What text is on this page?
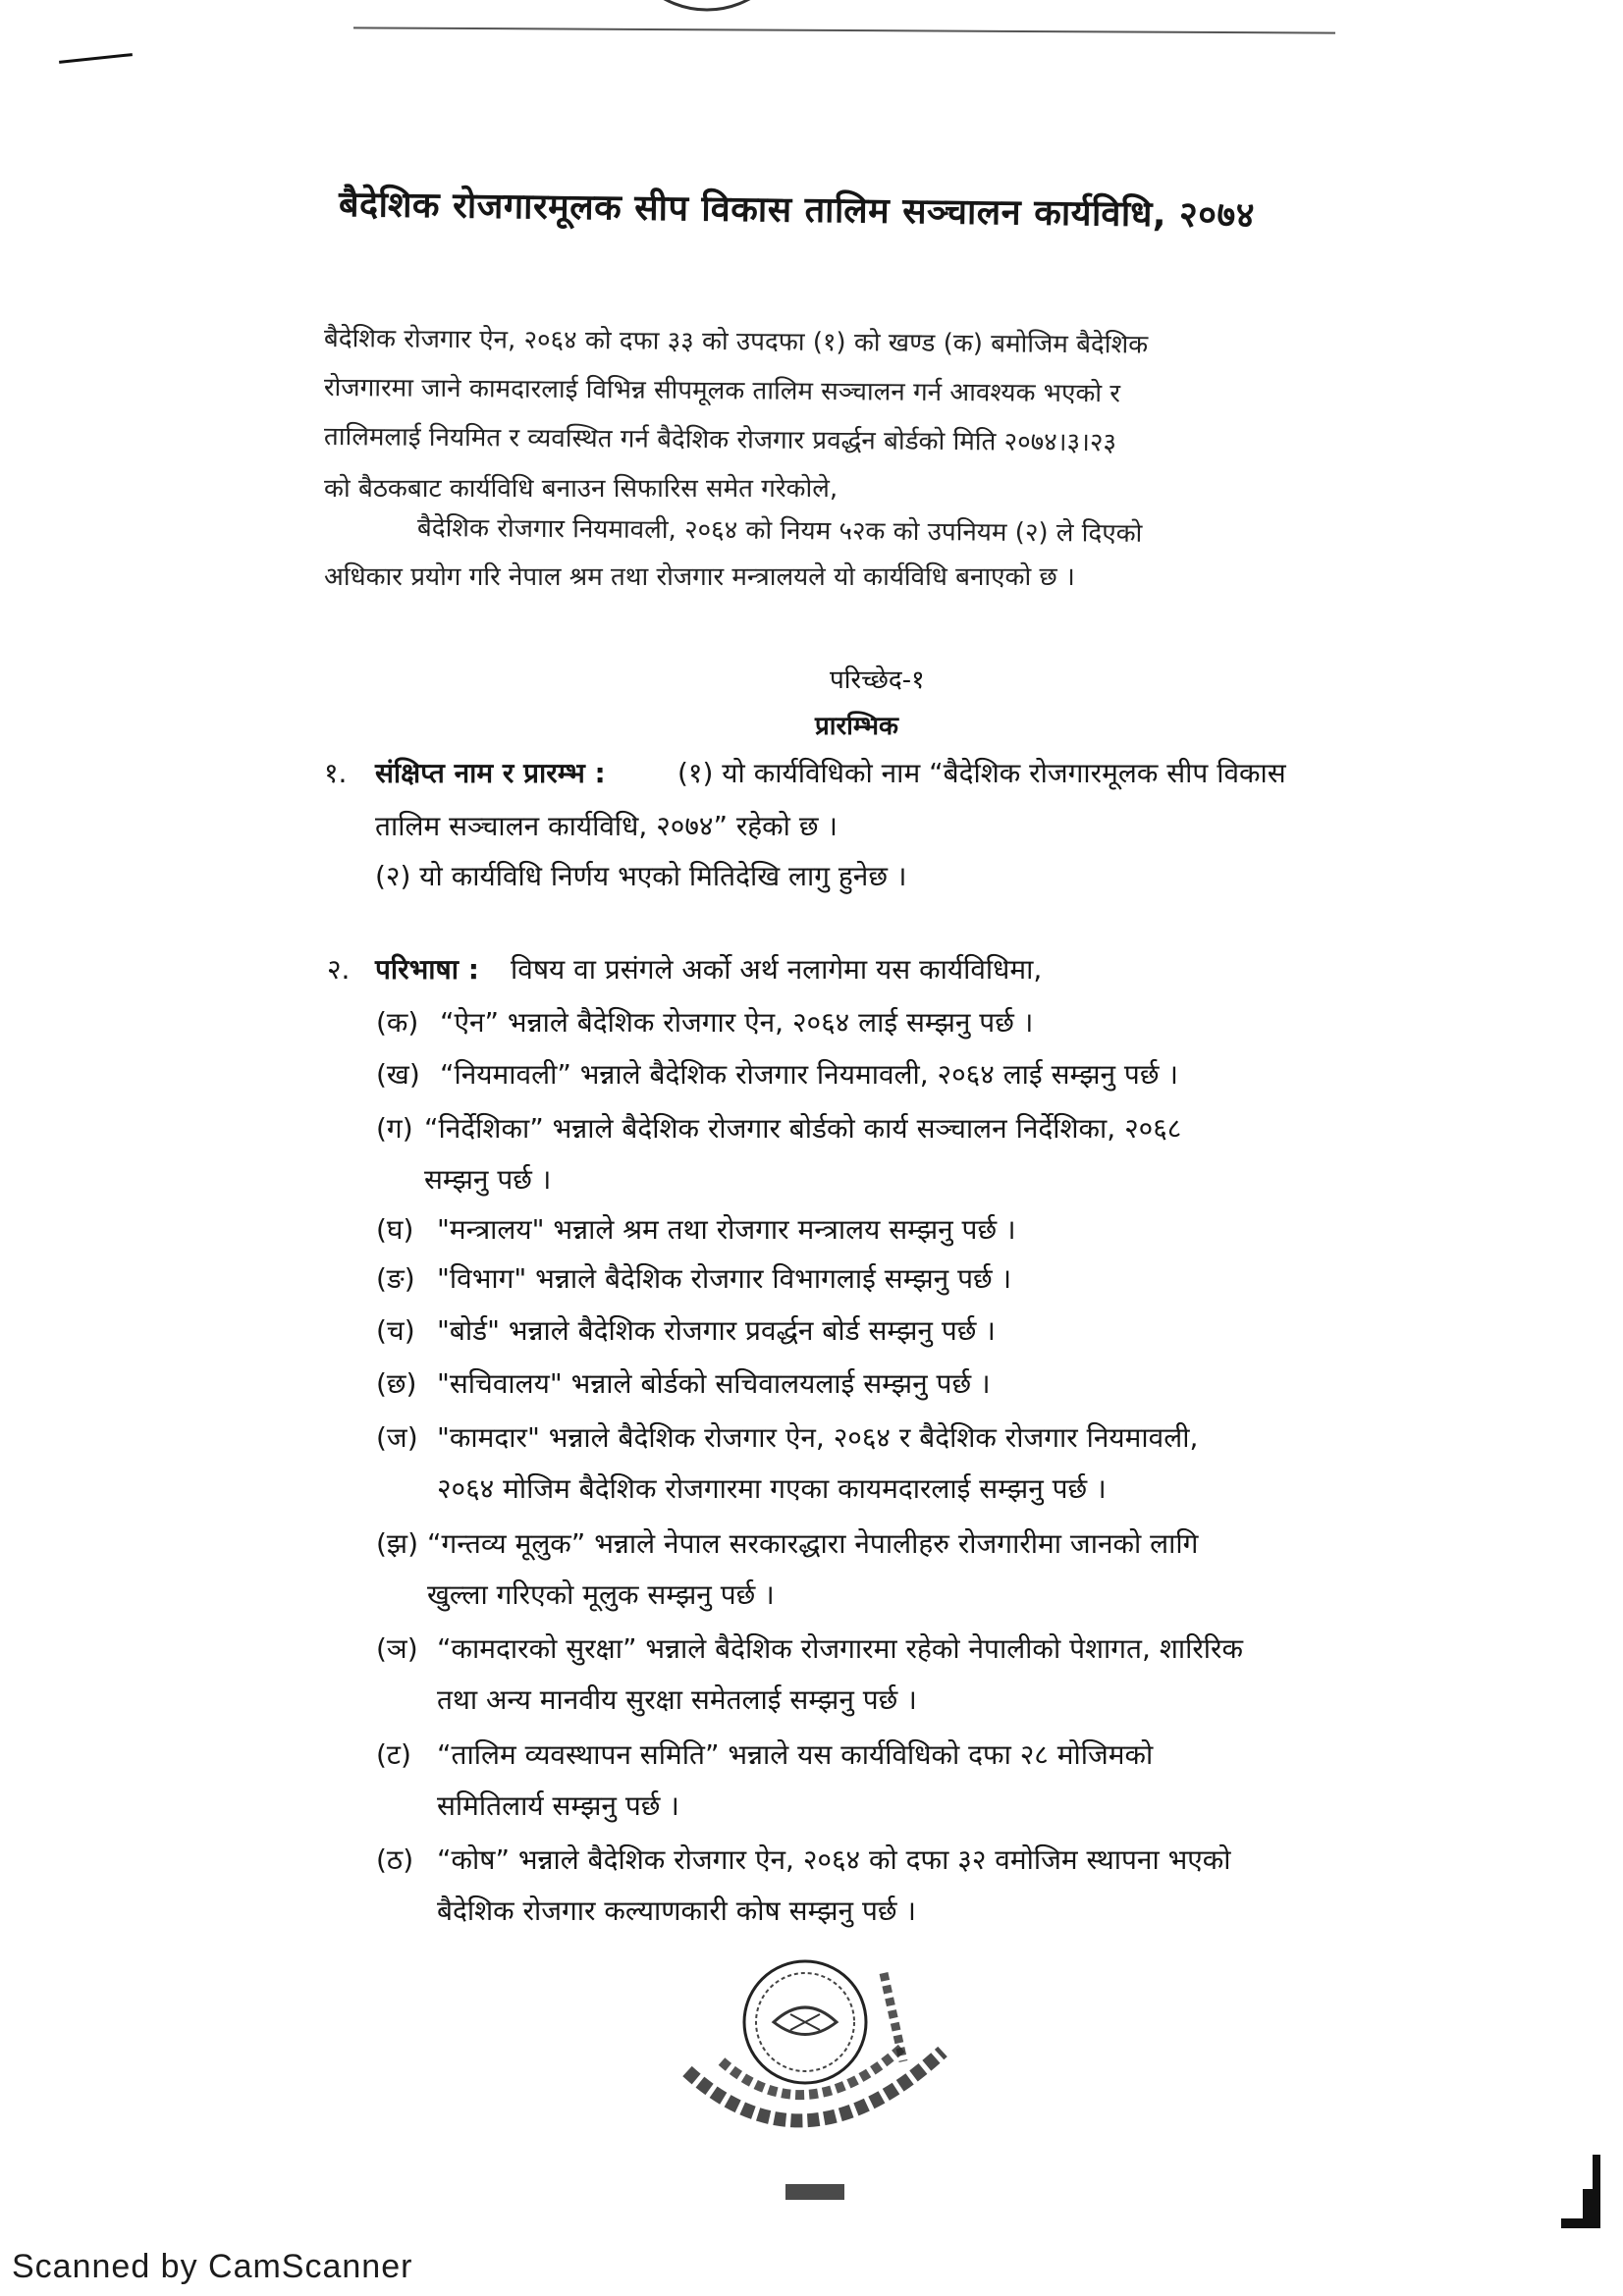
बैदेशिक रोजगारमूलक सीप विकास तालिम सञ्चालन कार्यविधि, २०७४
बैदेशिक रोजगार ऐन, २०६४ को दफा ३३ को उपदफा (१) को खण्ड (क) बमोजिम बैदेशिक
रोजगारमा जाने कामदारलाई विभिन्न सीपमूलक तालिम सञ्चालन गर्न आवश्यक भएको र
तालिमलाई नियमित र व्यवस्थित गर्न बैदेशिक रोजगार प्रवर्द्धन बोर्डको मिति २०७४।३।२३
को बैठकबाट कार्यविधि बनाउन सिफारिस समेत गरेकोले,
बैदेशिक रोजगार नियमावली, २०६४ को नियम ५२क को उपनियम (२) ले दिएको
अधिकार प्रयोग गरि नेपाल श्रम तथा रोजगार मन्त्रालयले यो कार्यविधि बनाएको छ ।
परिच्छेद-१
प्रारम्भिक
१. संक्षिप्त नाम र प्रारम्भ :	(१) यो कार्यविधिको नाम “बैदेशिक रोजगारमूलक सीप विकास
तालिम सञ्चालन कार्यविधि, २०७४” रहेको छ ।
(२) यो कार्यविधि निर्णय भएको मितिदेखि लागु हुनेछ ।
२. परिभाषा : विषय वा प्रसंगले अर्को अर्थ नलागेमा यस कार्यविधिमा,
(क) “ऐन” भन्नाले बैदेशिक रोजगार ऐन, २०६४ लाई सम्झनु पर्छ ।
(ख) “नियमावली” भन्नाले बैदेशिक रोजगार नियमावली, २०६४ लाई सम्झनु पर्छ ।
(ग) “निर्देशिका” भन्नाले बैदेशिक रोजगार बोर्डको कार्य सञ्चालन निर्देशिका, २०६८
सम्झनु पर्छ ।
(घ) "मन्त्रालय" भन्नाले श्रम तथा रोजगार मन्त्रालय सम्झनु पर्छ ।
(ङ) "विभाग" भन्नाले बैदेशिक रोजगार विभागलाई सम्झनु पर्छ ।
(च) "बोर्ड" भन्नाले बैदेशिक रोजगार प्रवर्द्धन बोर्ड सम्झनु पर्छ ।
(छ) "सचिवालय" भन्नाले बोर्डको सचिवालयलाई सम्झनु पर्छ ।
(ज) "कामदार" भन्नाले बैदेशिक रोजगार ऐन, २०६४ र बैदेशिक रोजगार नियमावली,
२०६४ मोजिम बैदेशिक रोजगारमा गएका कायमदारलाई सम्झनु पर्छ ।
(झ) “गन्तव्य मूलुक” भन्नाले नेपाल सरकारद्धारा नेपालीहरु रोजगारीमा जानको लागि
खुल्ला गरिएको मूलुक सम्झनु पर्छ ।
(ञ) “कामदारको सुरक्षा” भन्नाले बैदेशिक रोजगारमा रहेको नेपालीको पेशागत, शारिरिक
तथा अन्य मानवीय सुरक्षा समेतलाई सम्झनु पर्छ ।
(ट) “तालिम व्यवस्थापन समिति” भन्नाले यस कार्यविधिको दफा २८ मोजिमको
समितिलार्य सम्झनु पर्छ ।
(ठ) “कोष” भन्नाले बैदेशिक रोजगार ऐन, २०६४ को दफा ३२ वमोजिम स्थापना भएको
बैदेशिक रोजगार कल्याणकारी कोष सम्झनु पर्छ ।
Scanned by CamScanner
